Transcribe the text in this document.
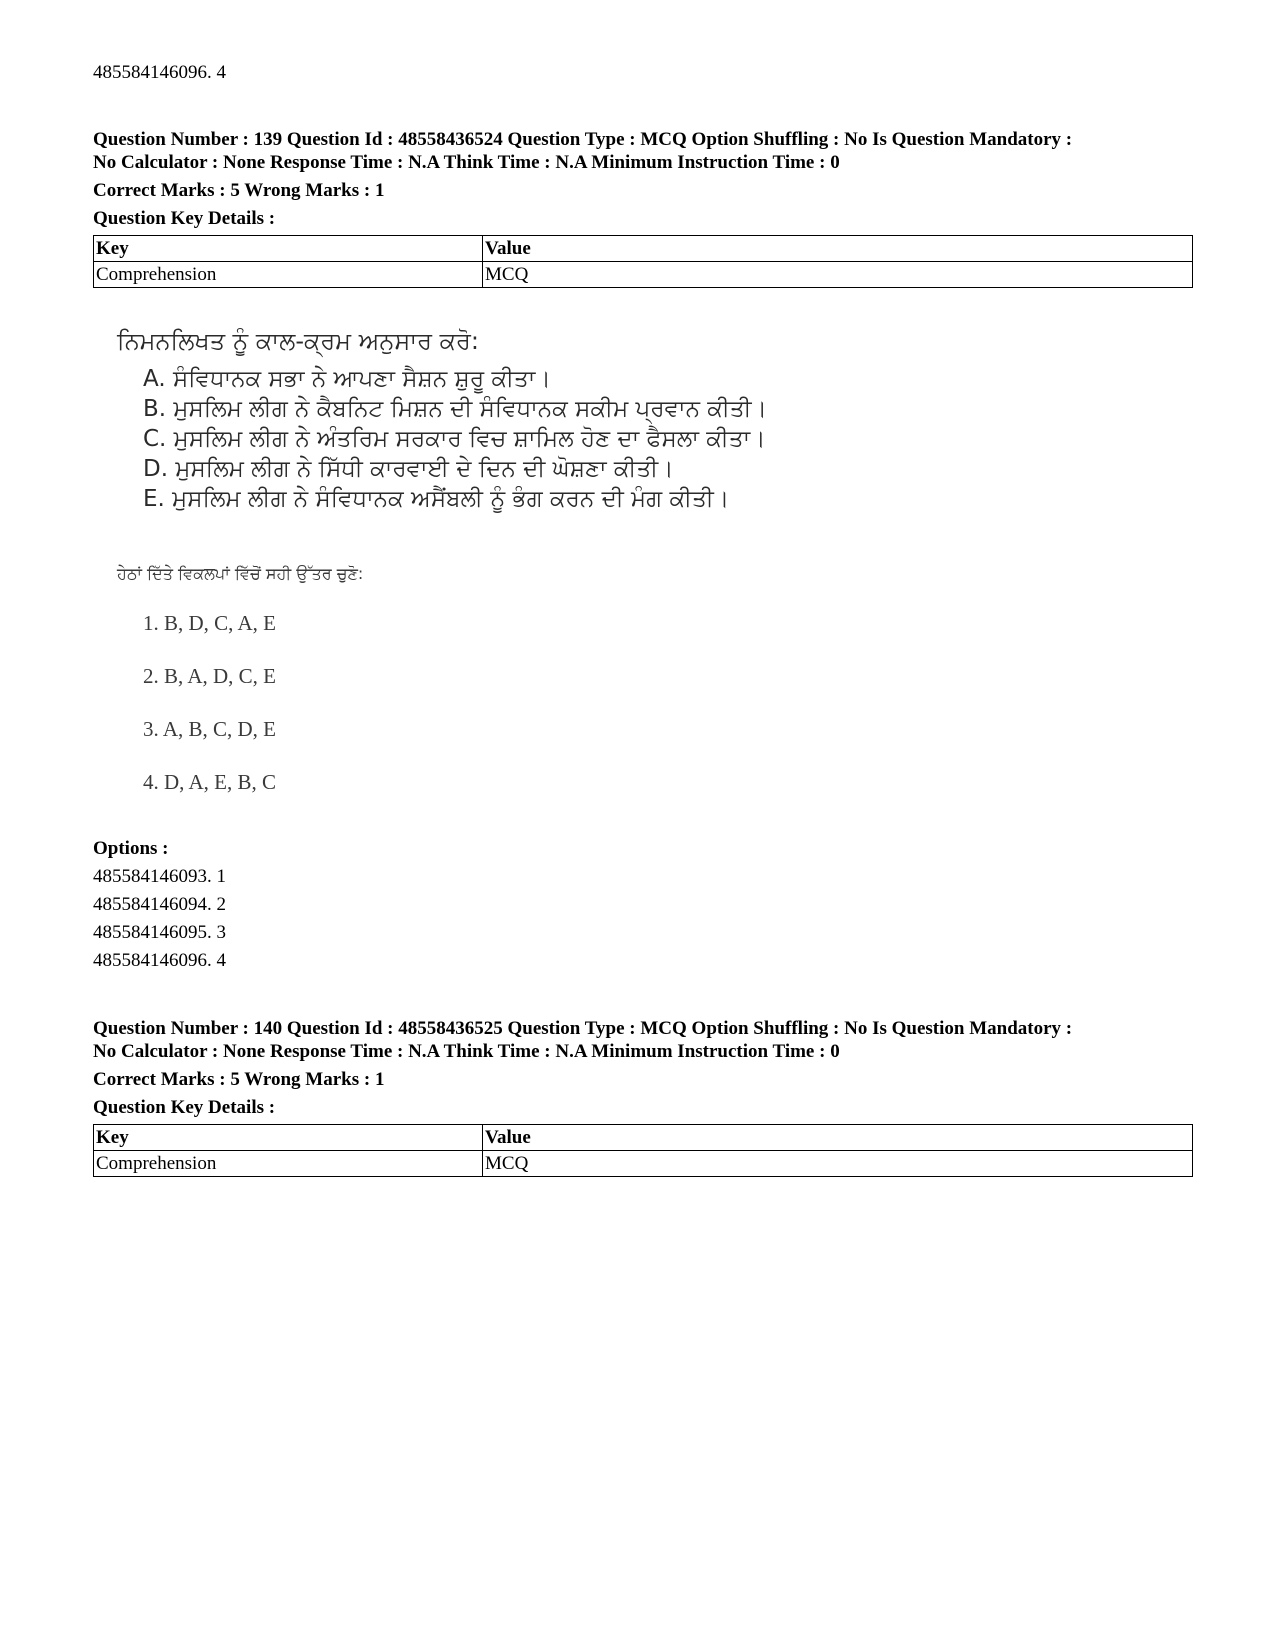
485584146096. 4
Question Number : 139 Question Id : 48558436524 Question Type : MCQ Option Shuffling : No Is Question Mandatory :
No Calculator : None Response Time : N.A Think Time : N.A Minimum Instruction Time : 0
Correct Marks : 5 Wrong Marks : 1
Question Key Details :
Key	Value
Comprehension	MCQ
ਨਿਮਨਲਿਖਤ ਨੂੰ ਕਾਲ-ਕ੍ਰਮ ਅਨੁਸਾਰ ਕਰੋ:
A. ਸੰਵਿਧਾਨਕ ਸਭਾ ਨੇ ਆਪਣਾ ਸੈਸ਼ਨ ਸ਼ੁਰੂ ਕੀਤਾ।
B. ਮੁਸਲਿਮ ਲੀਗ ਨੇ ਕੈਬਨਿਟ ਮਿਸ਼ਨ ਦੀ ਸੰਵਿਧਾਨਕ ਸਕੀਮ ਪ੍ਰਵਾਨ ਕੀਤੀ।
C. ਮੁਸਲਿਮ ਲੀਗ ਨੇ ਅੰਤਰਿਮ ਸਰਕਾਰ ਵਿਚ ਸ਼ਾਮਿਲ ਹੋਣ ਦਾ ਫੈਸਲਾ ਕੀਤਾ।
D. ਮੁਸਲਿਮ ਲੀਗ ਨੇ ਸਿੱਧੀ ਕਾਰਵਾਈ ਦੇ ਦਿਨ ਦੀ ਘੋਸ਼ਣਾ ਕੀਤੀ।
E. ਮੁਸਲਿਮ ਲੀਗ ਨੇ ਸੰਵਿਧਾਨਕ ਅਸੈਂਬਲੀ ਨੂੰ ਭੰਗ ਕਰਨ ਦੀ ਮੰਗ ਕੀਤੀ।
ਹੇਠਾਂ ਦਿੱਤੇ ਵਿਕਲਪਾਂ ਵਿੱਚੋਂ ਸਹੀ ਉੱਤਰ ਚੁਣੋ:
1. B, D, C, A, E
2. B, A, D, C, E
3. A, B, C, D, E
4. D, A, E, B, C
Options :
485584146093. 1
485584146094. 2
485584146095. 3
485584146096. 4
Question Number : 140 Question Id : 48558436525 Question Type : MCQ Option Shuffling : No Is Question Mandatory :
No Calculator : None Response Time : N.A Think Time : N.A Minimum Instruction Time : 0
Correct Marks : 5 Wrong Marks : 1
Question Key Details :
Key	Value
Comprehension	MCQ
